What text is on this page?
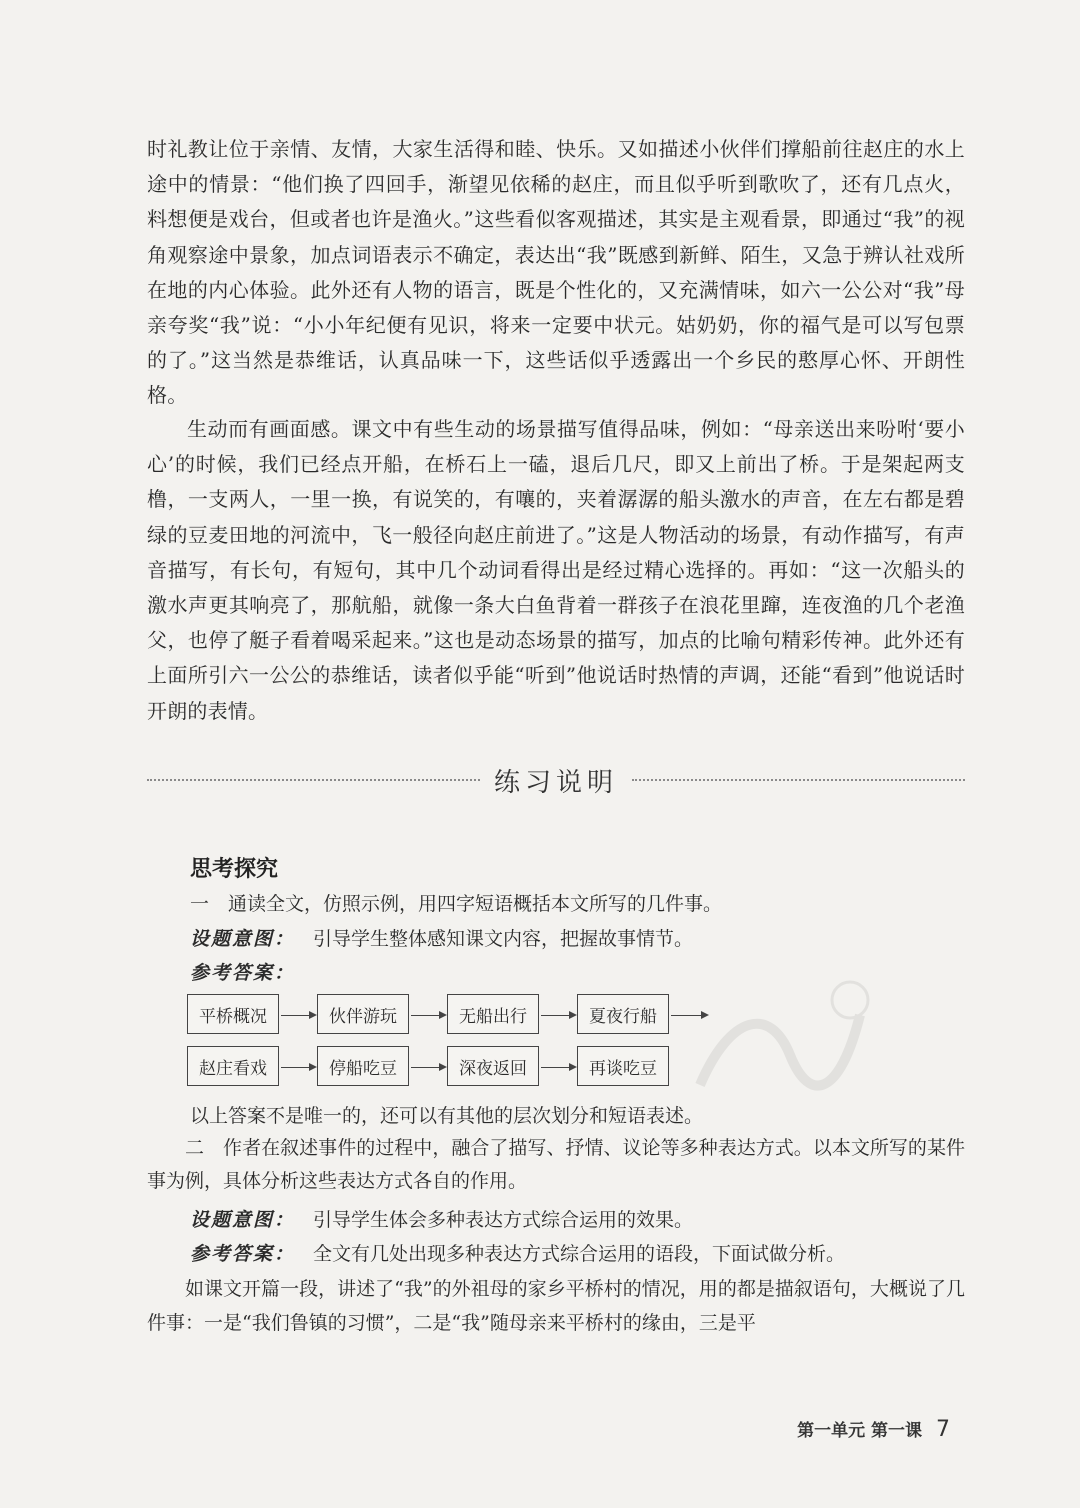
时礼教让位于亲情、友情，大家生活得和睦、快乐。又如描述小伙伴们撑船前往赵庄的水上途中的情景：“他们换了四回手，渐望见依稀的赵庄，而且似乎听到歌吹了，还有几点火，料想便是戏台，但或者也许是渔火。”这些看似客观描述，其实是主观看景，即通过“我”的视角观察途中景象，加点词语表示不确定，表达出“我”既感到新鲜、陌生，又急于辨认社戏所在地的内心体验。此外还有人物的语言，既是个性化的，又充满情味，如六一公公对“我”母亲夸奖“我”说：“小小年纪便有见识，将来一定要中状元。姑奶奶，你的福气是可以写包票的了。”这当然是恭维话，认真品味一下，这些话似乎透露出一个乡民的憨厚心怀、开朗性格。

生动而有画面感。课文中有些生动的场景描写值得品味，例如：“母亲送出来吩咐‘要小心’的时候，我们已经点开船，在桥石上一磕，退后几尺，即又上前出了桥。于是架起两支橹，一支两人，一里一换，有说笑的，有嚷的，夹着潺潺的船头激水的声音，在左右都是碧绿的豆麦田地的河流中，飞一般径向赵庄前进了。”这是人物活动的场景，有动作描写，有声音描写，有长句，有短句，其中几个动词看得出是经过精心选择的。再如：“这一次船头的激水声更其响亮了，那航船，就像一条大白鱼背着一群孩子在浪花里蹿，连夜渔的几个老渔父，也停了艇子看着喝采起来。”这也是动态场景的描写，加点的比喻句精彩传神。此外还有上面所引六一公公的恭维话，读者似乎能“听到”他说话时热情的声调，还能“看到”他说话时开朗的表情。

练习说明
思考探究
一　通读全文，仿照示例，用四字短语概括本文所写的几件事。
设题意图： 引导学生整体感知课文内容，把握故事情节。
参考答案：
平桥概况	伙伴游玩	无船出行	夏夜行船
赵庄看戏	停船吃豆	深夜返回	再谈吃豆
以上答案不是唯一的，还可以有其他的层次划分和短语表述。

二　作者在叙述事件的过程中，融合了描写、抒情、议论等多种表达方式。以本文所写的某件事为例，具体分析这些表达方式各自的作用。

设题意图： 引导学生体会多种表达方式综合运用的效果。
参考答案： 全文有几处出现多种表达方式综合运用的语段，下面试做分析。

如课文开篇一段，讲述了“我”的外祖母的家乡平桥村的情况，用的都是描叙语句，大概说了几件事：一是“我们鲁镇的习惯”，二是“我”随母亲来平桥村的缘由，三是平

第一单元 第一课 7
